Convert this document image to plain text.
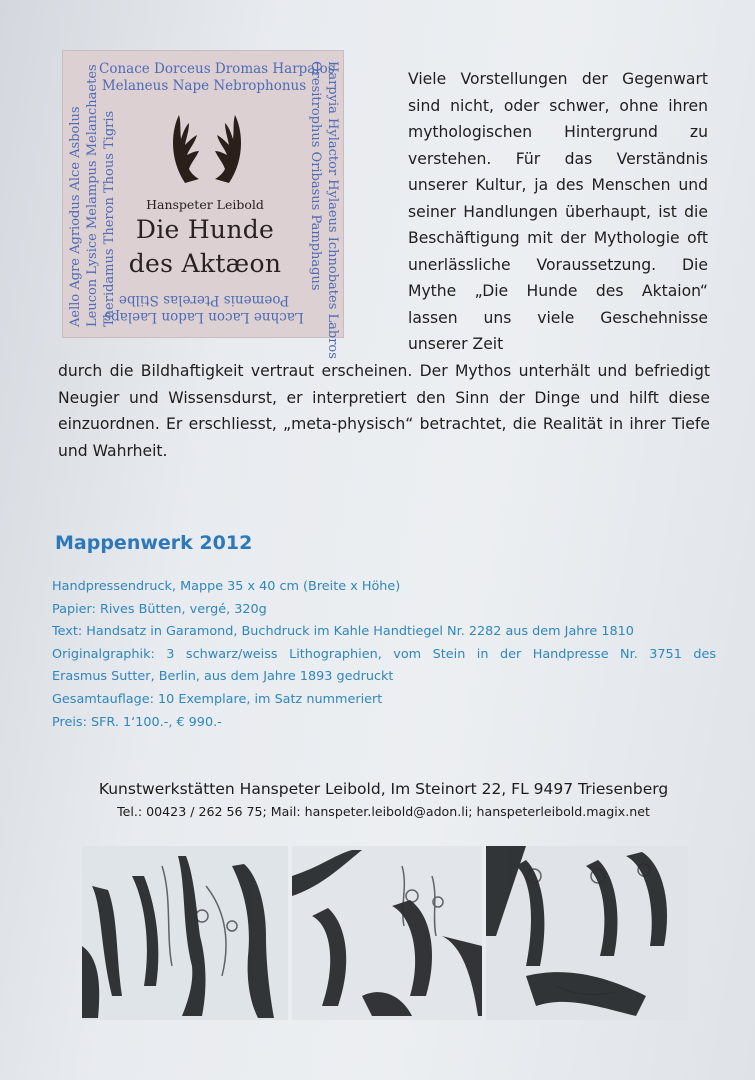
Conace Dorceus Dromas Harpalos
Melaneus Nape Nebrophonus
Aello Agre Agriodus Alce Asbolus Leucon Lysice Melampus Melanchaetes Theridamus Theron Thous Tigris	Harpyia Hylactor Hylaeus Ichnobates Labros
Oresitrophus Oribasus Pamphagus
Lachne Lacon Ladon Laelaps
Poemenis Pterelas Stilbe
Hanspeter Leibold
Die Hunde
des Aktæon

Viele Vorstellungen der Gegenwart sind nicht, oder schwer, ohne ihren mythologischen Hintergrund zu verstehen. Für das Verständnis unserer Kultur, ja des Menschen und seiner Handlungen überhaupt, ist die Beschäftigung mit der Mythologie oft unerlässliche Voraussetzung. Die Mythe „Die Hunde des Aktaion“ lassen uns viele Geschehnisse unserer Zeit

durch die Bildhaftigkeit vertraut erscheinen. Der Mythos unterhält und befriedigt Neugier und Wissensdurst, er interpretiert den Sinn der Dinge und hilft diese einzuordnen. Er erschliesst, „meta-physisch“ betrachtet, die Realität in ihrer Tiefe und Wahrheit.

Mappenwerk 2012
Handpressendruck, Mappe 35 x 40 cm (Breite x Höhe)
Papier: Rives Bütten, vergé, 320g
Text: Handsatz in Garamond, Buchdruck im Kahle Handtiegel Nr. 2282 aus dem Jahre 1810
Originalgraphik: 3 schwarz/weiss Lithographien, vom Stein in der Handpresse Nr. 3751 des
Erasmus Sutter, Berlin, aus dem Jahre 1893 gedruckt
Gesamtauflage: 10 Exemplare, im Satz nummeriert
Preis: SFR. 1‘100.-, € 990.-
Kunstwerkstätten Hanspeter Leibold, Im Steinort 22, FL 9497 Triesenberg
Tel.: 00423 / 262 56 75; Mail: hanspeter.leibold@adon.li; hanspeterleibold.magix.net
